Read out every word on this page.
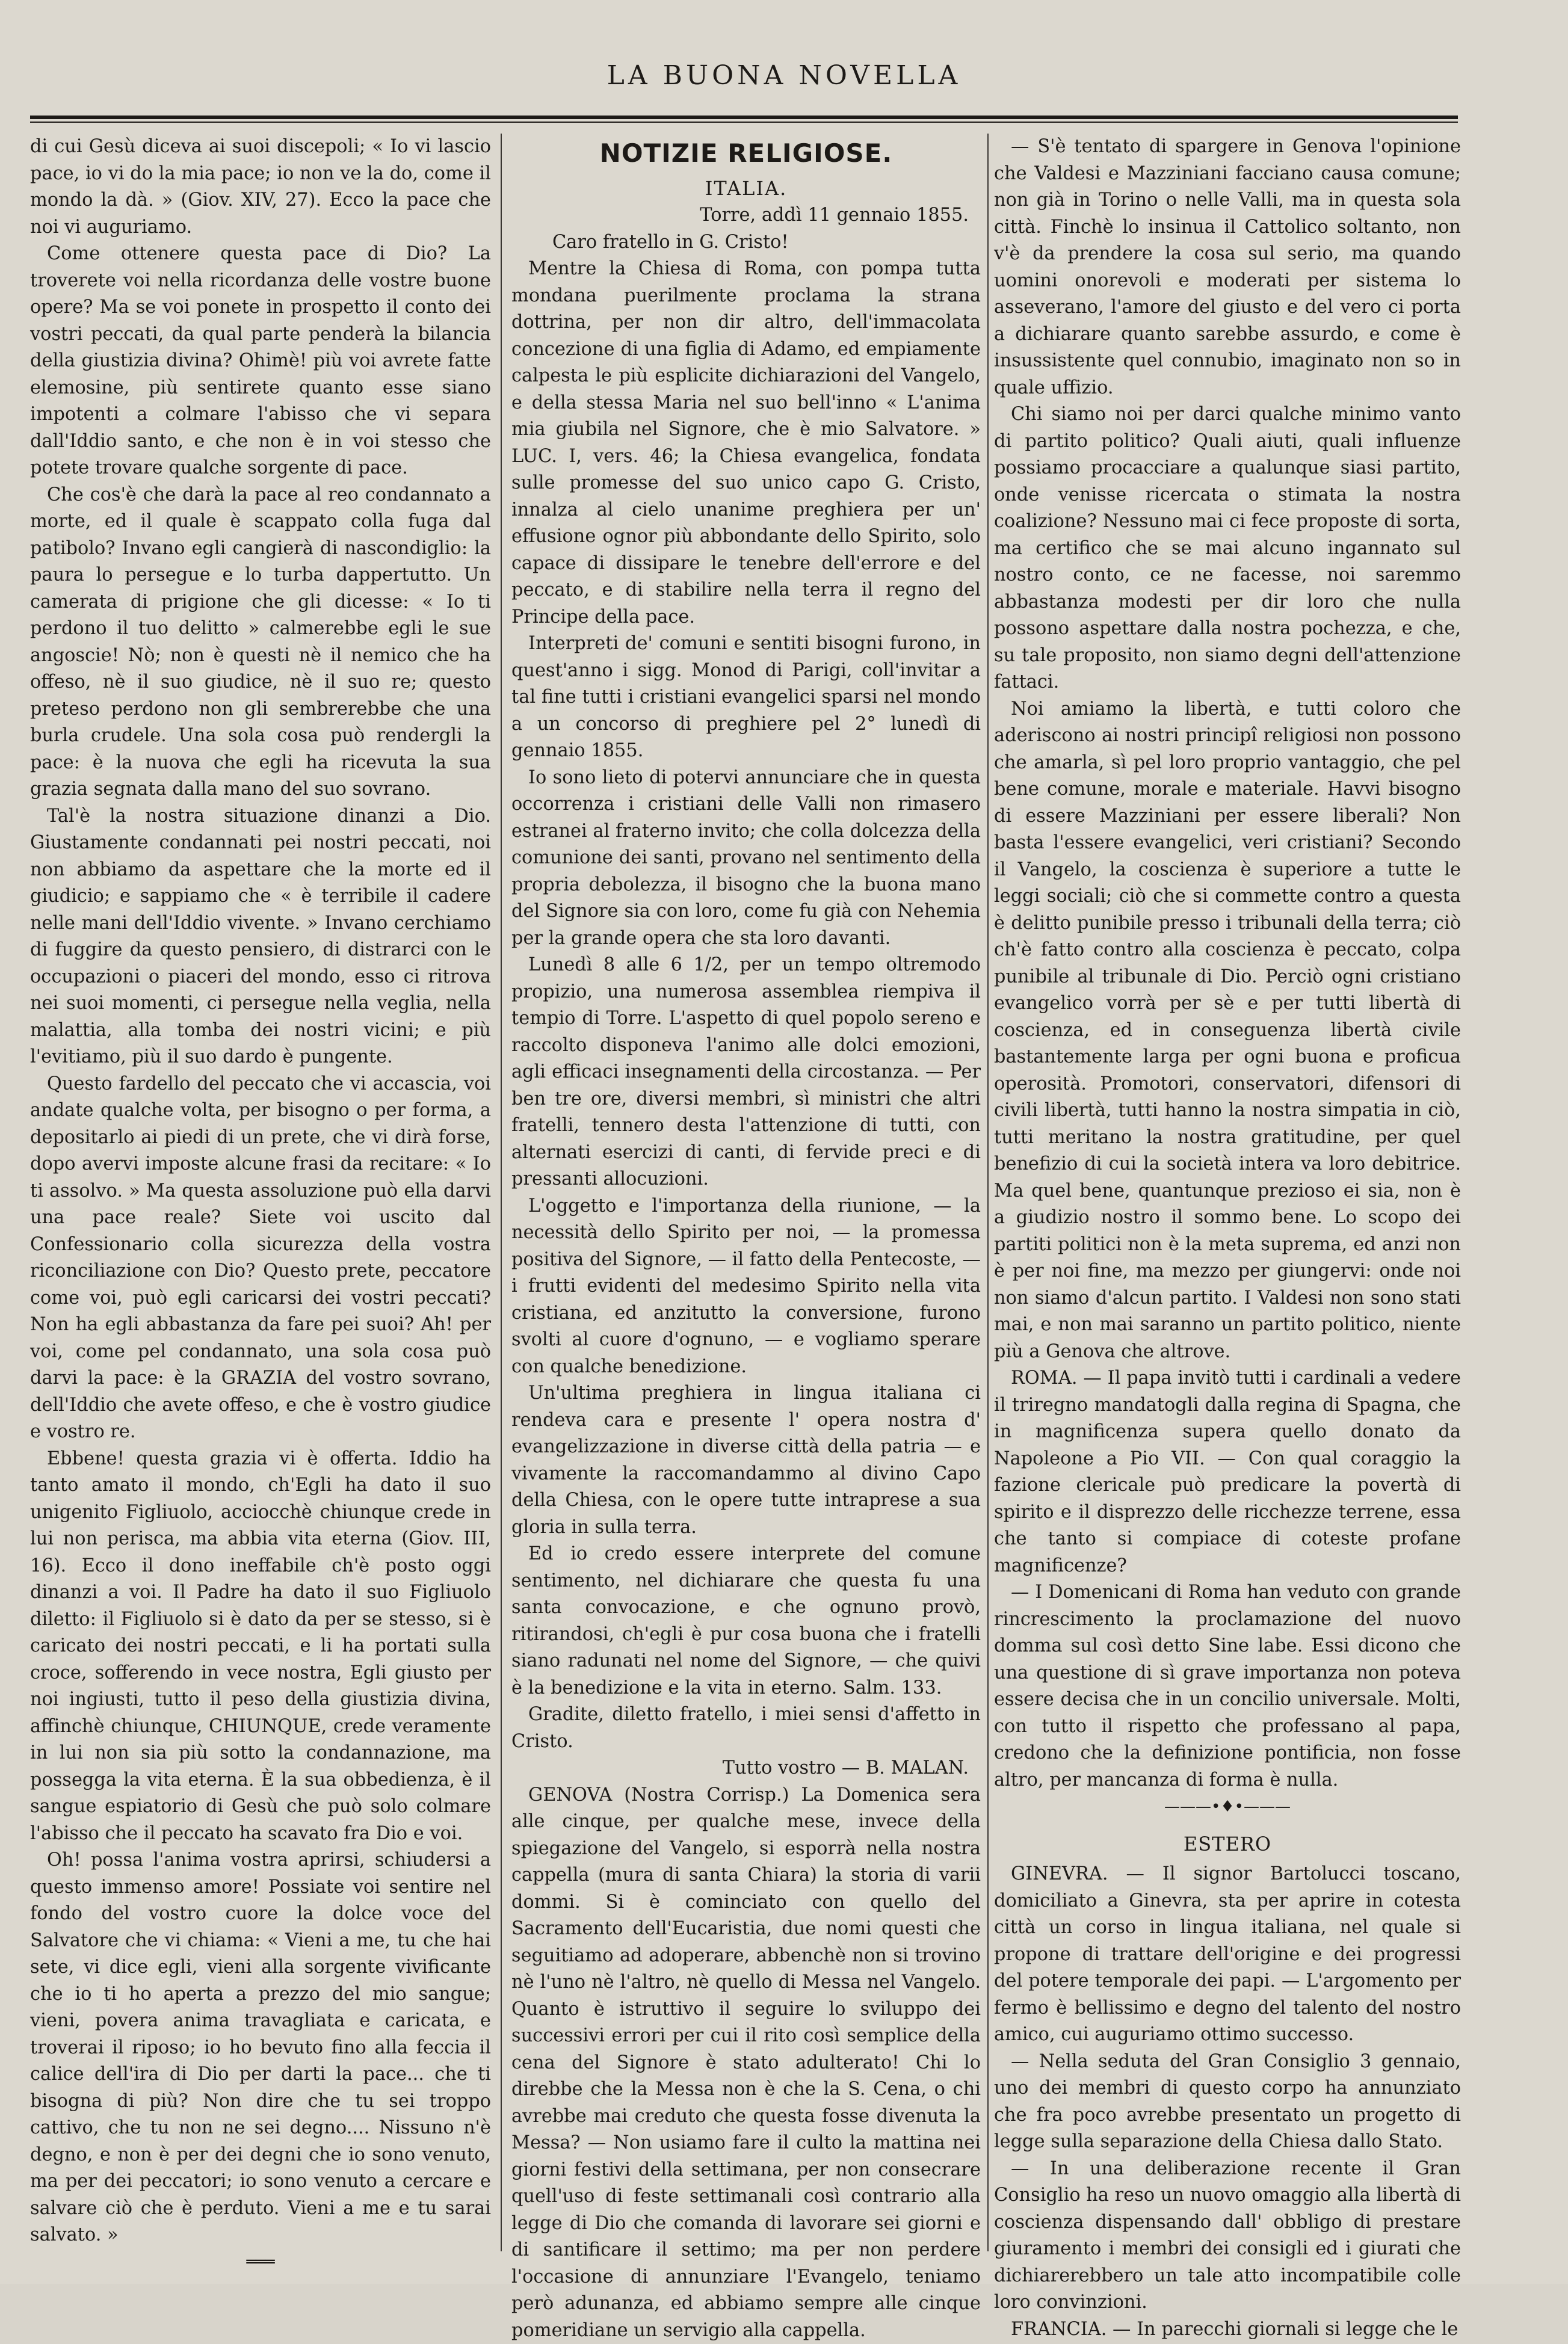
LA BUONA NOVELLA

di cui Gesù diceva ai suoi discepoli; « Io vi lascio pace, io vi do la mia pace; io non ve la do, come il mondo la dà. » (Giov. XIV, 27). Ecco la pace che noi vi auguriamo.

Come ottenere questa pace di Dio? La troverete voi nella ricordanza delle vostre buone opere? Ma se voi ponete in prospetto il conto dei vostri peccati, da qual parte penderà la bilancia della giustizia divina? Ohimè! più voi avrete fatte elemosine, più sentirete quanto esse siano impotenti a colmare l'abisso che vi separa dall'Iddio santo, e che non è in voi stesso che potete trovare qualche sorgente di pace.

Che cos'è che darà la pace al reo condannato a morte, ed il quale è scappato colla fuga dal patibolo? Invano egli cangierà di nascondiglio: la paura lo persegue e lo turba dappertutto. Un camerata di prigione che gli dicesse: « Io ti perdono il tuo delitto » calmerebbe egli le sue angoscie! Nò; non è questi nè il nemico che ha offeso, nè il suo giudice, nè il suo re; questo preteso perdono non gli sembrerebbe che una burla crudele. Una sola cosa può rendergli la pace: è la nuova che egli ha ricevuta la sua grazia segnata dalla mano del suo sovrano.

Tal'è la nostra situazione dinanzi a Dio. Giustamente condannati pei nostri peccati, noi non abbiamo da aspettare che la morte ed il giudicio; e sappiamo che « è terribile il cadere nelle mani dell'Iddio vivente. » Invano cerchiamo di fuggire da questo pensiero, di distrarci con le occupazioni o piaceri del mondo, esso ci ritrova nei suoi momenti, ci persegue nella veglia, nella malattia, alla tomba dei nostri vicini; e più l'evitiamo, più il suo dardo è pungente.

Questo fardello del peccato che vi accascia, voi andate qualche volta, per bisogno o per forma, a depositarlo ai piedi di un prete, che vi dirà forse, dopo avervi imposte alcune frasi da recitare: « Io ti assolvo. » Ma questa assoluzione può ella darvi una pace reale? Siete voi uscito dal Confessionario colla sicurezza della vostra riconciliazione con Dio? Questo prete, peccatore come voi, può egli caricarsi dei vostri peccati? Non ha egli abbastanza da fare pei suoi? Ah! per voi, come pel condannato, una sola cosa può darvi la pace: è la GRAZIA del vostro sovrano, dell'Iddio che avete offeso, e che è vostro giudice e vostro re.

Ebbene! questa grazia vi è offerta. Iddio ha tanto amato il mondo, ch'Egli ha dato il suo unigenito Figliuolo, acciocchè chiunque crede in lui non perisca, ma abbia vita eterna (Giov. III, 16). Ecco il dono ineffabile ch'è posto oggi dinanzi a voi. Il Padre ha dato il suo Figliuolo diletto: il Figliuolo si è dato da per se stesso, si è caricato dei nostri peccati, e li ha portati sulla croce, sofferendo in vece nostra, Egli giusto per noi ingiusti, tutto il peso della giustizia divina, affinchè chiunque, CHIUNQUE, crede veramente in lui non sia più sotto la condannazione, ma possegga la vita eterna. È la sua obbedienza, è il sangue espiatorio di Gesù che può solo colmare l'abisso che il peccato ha scavato fra Dio e voi.

Oh! possa l'anima vostra aprirsi, schiudersi a questo immenso amore! Possiate voi sentire nel fondo del vostro cuore la dolce voce del Salvatore che vi chiama: « Vieni a me, tu che hai sete, vi dice egli, vieni alla sorgente vivificante che io ti ho aperta a prezzo del mio sangue; vieni, povera anima travagliata e caricata, e troverai il riposo; io ho bevuto fino alla feccia il calice dell'ira di Dio per darti la pace... che ti bisogna di più? Non dire che tu sei troppo cattivo, che tu non ne sei degno.... Nissuno n'è degno, e non è per dei degni che io sono venuto, ma per dei peccatori; io sono venuto a cercare e salvare ciò che è perduto. Vieni a me e tu sarai salvato. »

═══
NOTIZIE RELIGIOSE.
ITALIA.
Torre, addì 11 gennaio 1855.

Caro fratello in G. Cristo!

Mentre la Chiesa di Roma, con pompa tutta mondana puerilmente proclama la strana dottrina, per non dir altro, dell'immacolata concezione di una figlia di Adamo, ed empiamente calpesta le più esplicite dichiarazioni del Vangelo, e della stessa Maria nel suo bell'inno « L'anima mia giubila nel Signore, che è mio Salvatore. » LUC. I, vers. 46; la Chiesa evangelica, fondata sulle promesse del suo unico capo G. Cristo, innalza al cielo unanime preghiera per un' effusione ognor più abbondante dello Spirito, solo capace di dissipare le tenebre dell'errore e del peccato, e di stabilire nella terra il regno del Principe della pace.

Interpreti de' comuni e sentiti bisogni furono, in quest'anno i sigg. Monod di Parigi, coll'invitar a tal fine tutti i cristiani evangelici sparsi nel mondo a un concorso di preghiere pel 2° lunedì di gennaio 1855.

Io sono lieto di potervi annunciare che in questa occorrenza i cristiani delle Valli non rimasero estranei al fraterno invito; che colla dolcezza della comunione dei santi, provano nel sentimento della propria debolezza, il bisogno che la buona mano del Signore sia con loro, come fu già con Nehemia per la grande opera che sta loro davanti.

Lunedì 8 alle 6 1/2, per un tempo oltremodo propizio, una numerosa assemblea riempiva il tempio di Torre. L'aspetto di quel popolo sereno e raccolto disponeva l'animo alle dolci emozioni, agli efficaci insegnamenti della circostanza. — Per ben tre ore, diversi membri, sì ministri che altri fratelli, tennero desta l'attenzione di tutti, con alternati esercizi di canti, di fervide preci e di pressanti allocuzioni.

L'oggetto e l'importanza della riunione, — la necessità dello Spirito per noi, — la promessa positiva del Signore, — il fatto della Pentecoste, — i frutti evidenti del medesimo Spirito nella vita cristiana, ed anzitutto la conversione, furono svolti al cuore d'ognuno, — e vogliamo sperare con qualche benedizione.

Un'ultima preghiera in lingua italiana ci rendeva cara e presente l' opera nostra d' evangelizzazione in diverse città della patria — e vivamente la raccomandammo al divino Capo della Chiesa, con le opere tutte intraprese a sua gloria in sulla terra.

Ed io credo essere interprete del comune sentimento, nel dichiarare che questa fu una santa convocazione, e che ognuno provò, ritirandosi, ch'egli è pur cosa buona che i fratelli siano radunati nel nome del Signore, — che quivi è la benedizione e la vita in eterno. Salm. 133.

Gradite, diletto fratello, i miei sensi d'affetto in Cristo.

Tutto vostro — B. MALAN.

GENOVA (Nostra Corrisp.) La Domenica sera alle cinque, per qualche mese, invece della spiegazione del Vangelo, si esporrà nella nostra cappella (mura di santa Chiara) la storia di varii dommi. Si è cominciato con quello del Sacramento dell'Eucaristia, due nomi questi che seguitiamo ad adoperare, abbenchè non si trovino nè l'uno nè l'altro, nè quello di Messa nel Vangelo. Quanto è istruttivo il seguire lo sviluppo dei successivi errori per cui il rito così semplice della cena del Signore è stato adulterato! Chi lo direbbe che la Messa non è che la S. Cena, o chi avrebbe mai creduto che questa fosse divenuta la Messa? — Non usiamo fare il culto la mattina nei giorni festivi della settimana, per non consecrare quell'uso di feste settimanali così contrario alla legge di Dio che comanda di lavorare sei giorni e di santificare il settimo; ma per non perdere l'occasione di annunziare l'Evangelo, teniamo però adunanza, ed abbiamo sempre alle cinque pomeridiane un servigio alla cappella.

— S'è tentato di spargere in Genova l'opinione che Valdesi e Mazziniani facciano causa comune; non già in Torino o nelle Valli, ma in questa sola città. Finchè lo insinua il Cattolico soltanto, non v'è da prendere la cosa sul serio, ma quando uomini onorevoli e moderati per sistema lo asseverano, l'amore del giusto e del vero ci porta a dichiarare quanto sarebbe assurdo, e come è insussistente quel connubio, imaginato non so in quale uffizio.

Chi siamo noi per darci qualche minimo vanto di partito politico? Quali aiuti, quali influenze possiamo procacciare a qualunque siasi partito, onde venisse ricercata o stimata la nostra coalizione? Nessuno mai ci fece proposte di sorta, ma certifico che se mai alcuno ingannato sul nostro conto, ce ne facesse, noi saremmo abbastanza modesti per dir loro che nulla possono aspettare dalla nostra pochezza, e che, su tale proposito, non siamo degni dell'attenzione fattaci.

Noi amiamo la libertà, e tutti coloro che aderiscono ai nostri principî religiosi non possono che amarla, sì pel loro proprio vantaggio, che pel bene comune, morale e materiale. Havvi bisogno di essere Mazziniani per essere liberali? Non basta l'essere evangelici, veri cristiani? Secondo il Vangelo, la coscienza è superiore a tutte le leggi sociali; ciò che si commette contro a questa è delitto punibile presso i tribunali della terra; ciò ch'è fatto contro alla coscienza è peccato, colpa punibile al tribunale di Dio. Perciò ogni cristiano evangelico vorrà per sè e per tutti libertà di coscienza, ed in conseguenza libertà civile bastantemente larga per ogni buona e proficua operosità. Promotori, conservatori, difensori di civili libertà, tutti hanno la nostra simpatia in ciò, tutti meritano la nostra gratitudine, per quel benefizio di cui la società intera va loro debitrice. Ma quel bene, quantunque prezioso ei sia, non è a giudizio nostro il sommo bene. Lo scopo dei partiti politici non è la meta suprema, ed anzi non è per noi fine, ma mezzo per giungervi: onde noi non siamo d'alcun partito. I Valdesi non sono stati mai, e non mai saranno un partito politico, niente più a Genova che altrove.

ROMA. — Il papa invitò tutti i cardinali a vedere il triregno mandatogli dalla regina di Spagna, che in magnificenza supera quello donato da Napoleone a Pio VII. — Con qual coraggio la fazione clericale può predicare la povertà di spirito e il disprezzo delle ricchezze terrene, essa che tanto si compiace di coteste profane magnificenze?

— I Domenicani di Roma han veduto con grande rincrescimento la proclamazione del nuovo domma sul così detto Sine labe. Essi dicono che una questione di sì grave importanza non poteva essere decisa che in un concilio universale. Molti, con tutto il rispetto che professano al papa, credono che la definizione pontificia, non fosse altro, per mancanza di forma è nulla.

———•♦•———
ESTERO

GINEVRA. — Il signor Bartolucci toscano, domiciliato a Ginevra, sta per aprire in cotesta città un corso in lingua italiana, nel quale si propone di trattare dell'origine e dei progressi del potere temporale dei papi. — L'argomento per fermo è bellissimo e degno del talento del nostro amico, cui auguriamo ottimo successo.

— Nella seduta del Gran Consiglio 3 gennaio, uno dei membri di questo corpo ha annunziato che fra poco avrebbe presentato un progetto di legge sulla separazione della Chiesa dallo Stato.

— In una deliberazione recente il Gran Consiglio ha reso un nuovo omaggio alla libertà di coscienza dispensando dall' obbligo di prestare giuramento i membri dei consigli ed i giurati che dichiarerebbero un tale atto incompatibile colle loro convinzioni.

FRANCIA. — In parecchi giornali si legge che le
